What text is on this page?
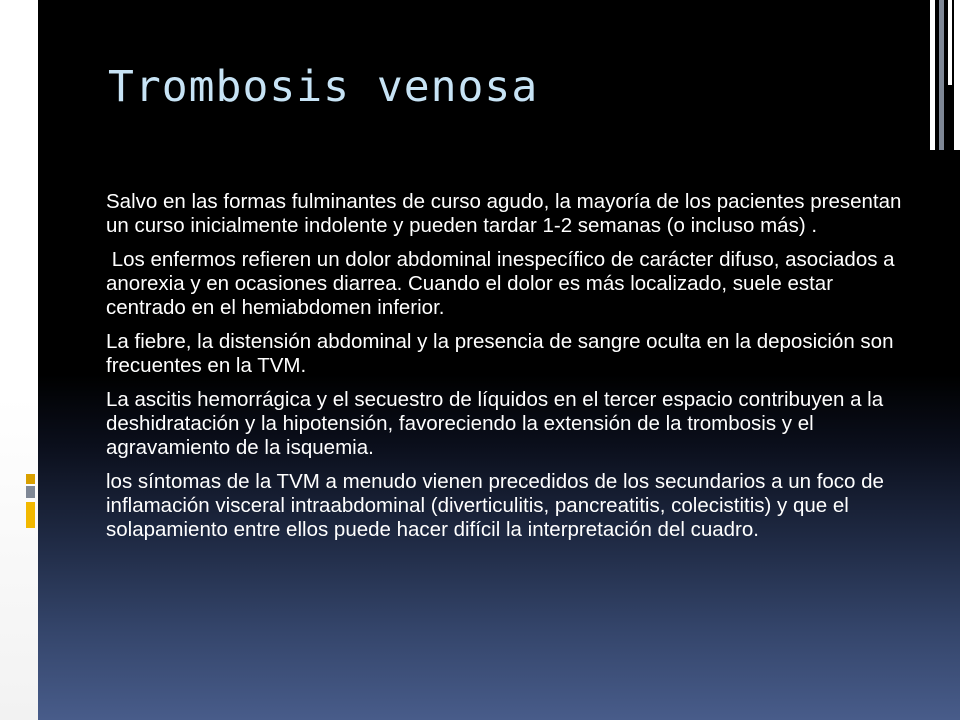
Trombosis venosa

Salvo en las formas fulminantes de curso agudo, la mayoría de los pacientes presentan un curso inicialmente indolente y pueden tardar 1-2 semanas (o incluso más) .

Los enfermos refieren un dolor abdominal inespecífico de carácter difuso, asociados a anorexia y en ocasiones diarrea. Cuando el dolor es más localizado, suele estar centrado en el hemiabdomen inferior.

La fiebre, la distensión abdominal y la presencia de sangre oculta en la deposición son frecuentes en la TVM.

La ascitis hemorrágica y el secuestro de líquidos en el tercer espacio contribuyen a la deshidratación y la hipotensión, favoreciendo la extensión de la trombosis y el agravamiento de la isquemia.

los síntomas de la TVM a menudo vienen precedidos de los secundarios a un foco de inflamación visceral intraabdominal (diverticulitis, pancreatitis, colecistitis) y que el solapamiento entre ellos puede hacer difícil la interpretación del cuadro.
